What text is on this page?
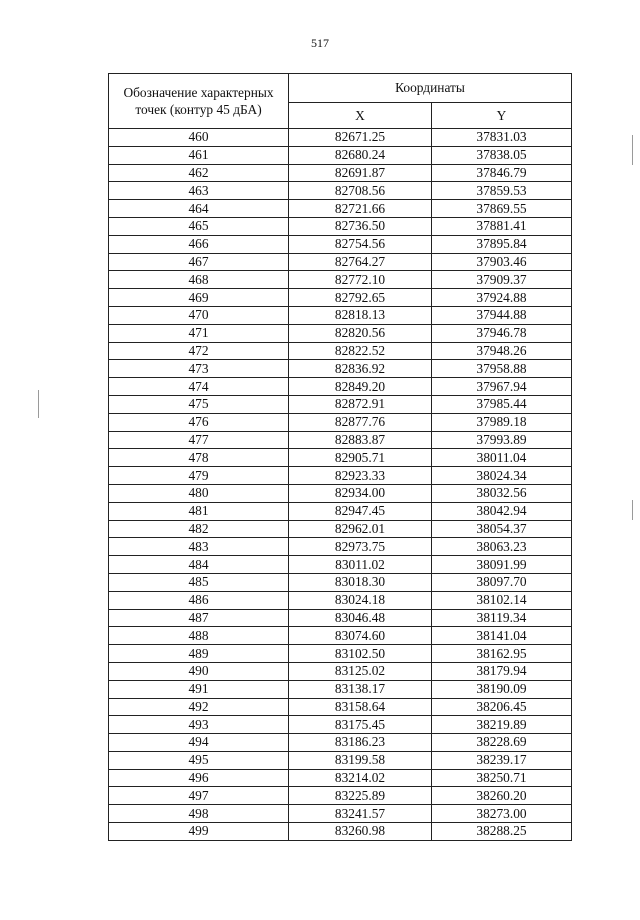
517
Обозначение характерных точек (контур 45 дБА)	Координаты	
	X	Y
460	82671.25	37831.03
461	82680.24	37838.05
462	82691.87	37846.79
463	82708.56	37859.53
464	82721.66	37869.55
465	82736.50	37881.41
466	82754.56	37895.84
467	82764.27	37903.46
468	82772.10	37909.37
469	82792.65	37924.88
470	82818.13	37944.88
471	82820.56	37946.78
472	82822.52	37948.26
473	82836.92	37958.88
474	82849.20	37967.94
475	82872.91	37985.44
476	82877.76	37989.18
477	82883.87	37993.89
478	82905.71	38011.04
479	82923.33	38024.34
480	82934.00	38032.56
481	82947.45	38042.94
482	82962.01	38054.37
483	82973.75	38063.23
484	83011.02	38091.99
485	83018.30	38097.70
486	83024.18	38102.14
487	83046.48	38119.34
488	83074.60	38141.04
489	83102.50	38162.95
490	83125.02	38179.94
491	83138.17	38190.09
492	83158.64	38206.45
493	83175.45	38219.89
494	83186.23	38228.69
495	83199.58	38239.17
496	83214.02	38250.71
497	83225.89	38260.20
498	83241.57	38273.00
499	83260.98	38288.25
